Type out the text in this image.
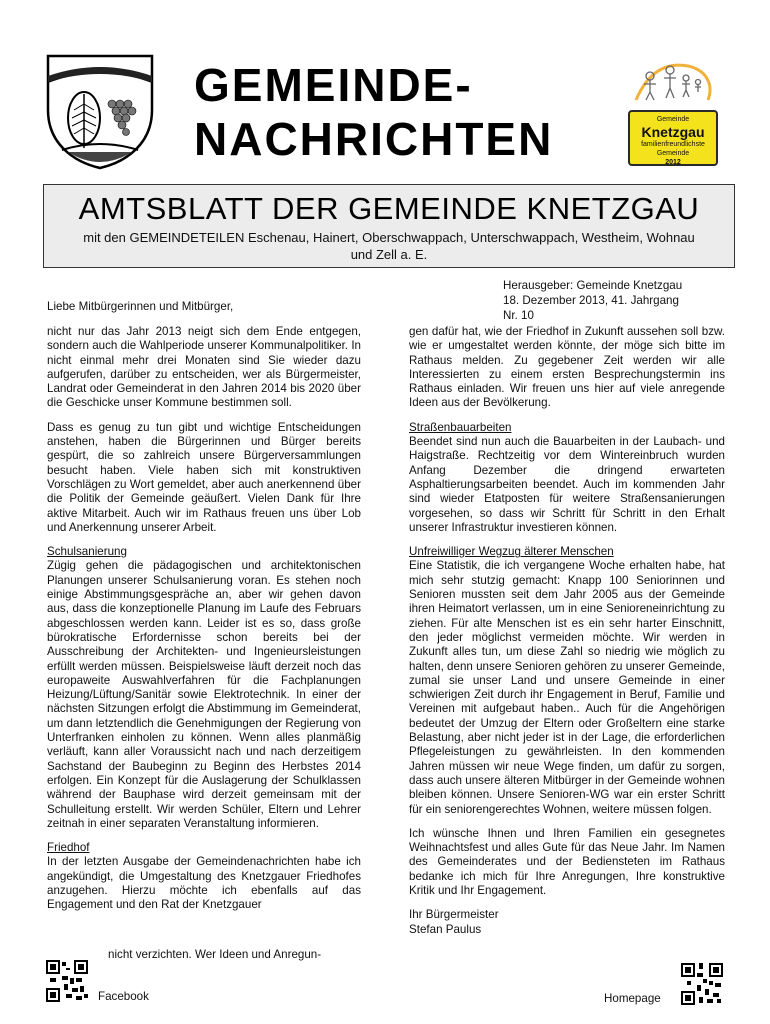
GEMEINDE-
NACHRICHTEN	Gemeinde
Knetzgau
familienfreundlichste
Gemeinde
2012
AMTSBLATT DER GEMEINDE KNETZGAU

mit den GEMEINDETEILEN Eschenau, Hainert, Oberschwappach, Unterschwappach, Westheim, Wohnau und Zell a. E.

Herausgeber: Gemeinde Knetzgau
18. Dezember 2013, 41. Jahrgang
Nr. 10
Liebe Mitbürgerinnen und Mitbürger,

nicht nur das Jahr 2013 neigt sich dem Ende entgegen, sondern auch die Wahlperiode unserer Kommunalpolitiker. In nicht einmal mehr drei Monaten sind Sie wieder dazu aufgerufen, darüber zu entscheiden, wer als Bürgermeister, Landrat oder Gemeinderat in den Jahren 2014 bis 2020 über die Geschicke unser Kommune bestimmen soll.

Dass es genug zu tun gibt und wichtige Entscheidungen anstehen, haben die Bürgerinnen und Bürger bereits gespürt, die so zahlreich unsere Bürgerversammlungen besucht haben. Viele haben sich mit konstruktiven Vorschlägen zu Wort gemeldet, aber auch anerkennend über die Politik der Gemeinde geäußert. Vielen Dank für Ihre aktive Mitarbeit. Auch wir im Rathaus freuen uns über Lob und Anerkennung unserer Arbeit.

Schulsanierung
Zügig gehen die pädagogischen und architektonischen Planungen unserer Schulsanierung voran. Es stehen noch einige Abstimmungsgespräche an, aber wir gehen davon aus, dass die konzeptionelle Planung im Laufe des Februars abgeschlossen werden kann. Leider ist es so, dass große bürokratische Erfordernisse schon bereits bei der Ausschreibung der Architekten- und Ingenieursleistungen erfüllt werden müssen. Beispielsweise läuft derzeit noch das europaweite Auswahlverfahren für die Fachplanungen Heizung/Lüftung/Sanitär sowie Elektrotechnik. In einer der nächsten Sitzungen erfolgt die Abstimmung im Gemeinderat, um dann letztendlich die Genehmigungen der Regierung von Unterfranken einholen zu können. Wenn alles planmäßig verläuft, kann aller Voraussicht nach und nach derzeitigem Sachstand der Baubeginn zu Beginn des Herbstes 2014 erfolgen. Ein Konzept für die Auslagerung der Schulklassen während der Bauphase wird derzeit gemeinsam mit der Schulleitung erstellt. Wir werden Schüler, Eltern und Lehrer zeitnah in einer separaten Veranstaltung informieren.

Friedhof
In der letzten Ausgabe der Gemeindenachrichten habe ich angekündigt, die Umgestaltung des Knetzgauer Friedhofes anzugehen. Hierzu möchte ich ebenfalls auf das Engagement und den Rat der Knetzgauer

nicht verzichten. Wer Ideen und Anregun-

gen dafür hat, wie der Friedhof in Zukunft aussehen soll bzw. wie er umgestaltet werden könnte, der möge sich bitte im Rathaus melden. Zu gegebener Zeit werden wir alle Interessierten zu einem ersten Besprechungstermin ins Rathaus einladen. Wir freuen uns hier auf viele anregende Ideen aus der Bevölkerung.

Straßenbauarbeiten
Beendet sind nun auch die Bauarbeiten in der Laubach- und Haigstraße. Rechtzeitig vor dem Wintereinbruch wurden Anfang Dezember die dringend erwarteten Asphaltierungsarbeiten beendet. Auch im kommenden Jahr sind wieder Etatposten für weitere Straßensanierungen vorgesehen, so dass wir Schritt für Schritt in den Erhalt unserer Infrastruktur investieren können.

Unfreiwilliger Wegzug älterer Menschen
Eine Statistik, die ich vergangene Woche erhalten habe, hat mich sehr stutzig gemacht: Knapp 100 Seniorinnen und Senioren mussten seit dem Jahr 2005 aus der Gemeinde ihren Heimatort verlassen, um in eine Senioreneinrichtung zu ziehen. Für alte Menschen ist es ein sehr harter Einschnitt, den jeder möglichst vermeiden möchte. Wir werden in Zukunft alles tun, um diese Zahl so niedrig wie möglich zu halten, denn unsere Senioren gehören zu unserer Gemeinde, zumal sie unser Land und unsere Gemeinde in einer schwierigen Zeit durch ihr Engagement in Beruf, Familie und Vereinen mit aufgebaut haben.. Auch für die Angehörigen bedeutet der Umzug der Eltern oder Großeltern eine starke Belastung, aber nicht jeder ist in der Lage, die erforderlichen Pflegeleistungen zu gewährleisten. In den kommenden Jahren müssen wir neue Wege finden, um dafür zu sorgen, dass auch unsere älteren Mitbürger in der Gemeinde wohnen bleiben können. Unsere Senioren-WG war ein erster Schritt für ein seniorengerechtes Wohnen, weitere müssen folgen.

Ich wünsche Ihnen und Ihren Familien ein gesegnetes Weihnachtsfest und alles Gute für das Neue Jahr. Im Namen des Gemeinderates und der Bediensteten im Rathaus bedanke ich mich für Ihre Anregungen, Ihre konstruktive Kritik und Ihr Engagement.

Ihr Bürgermeister
Stefan Paulus
Facebook	Homepage
